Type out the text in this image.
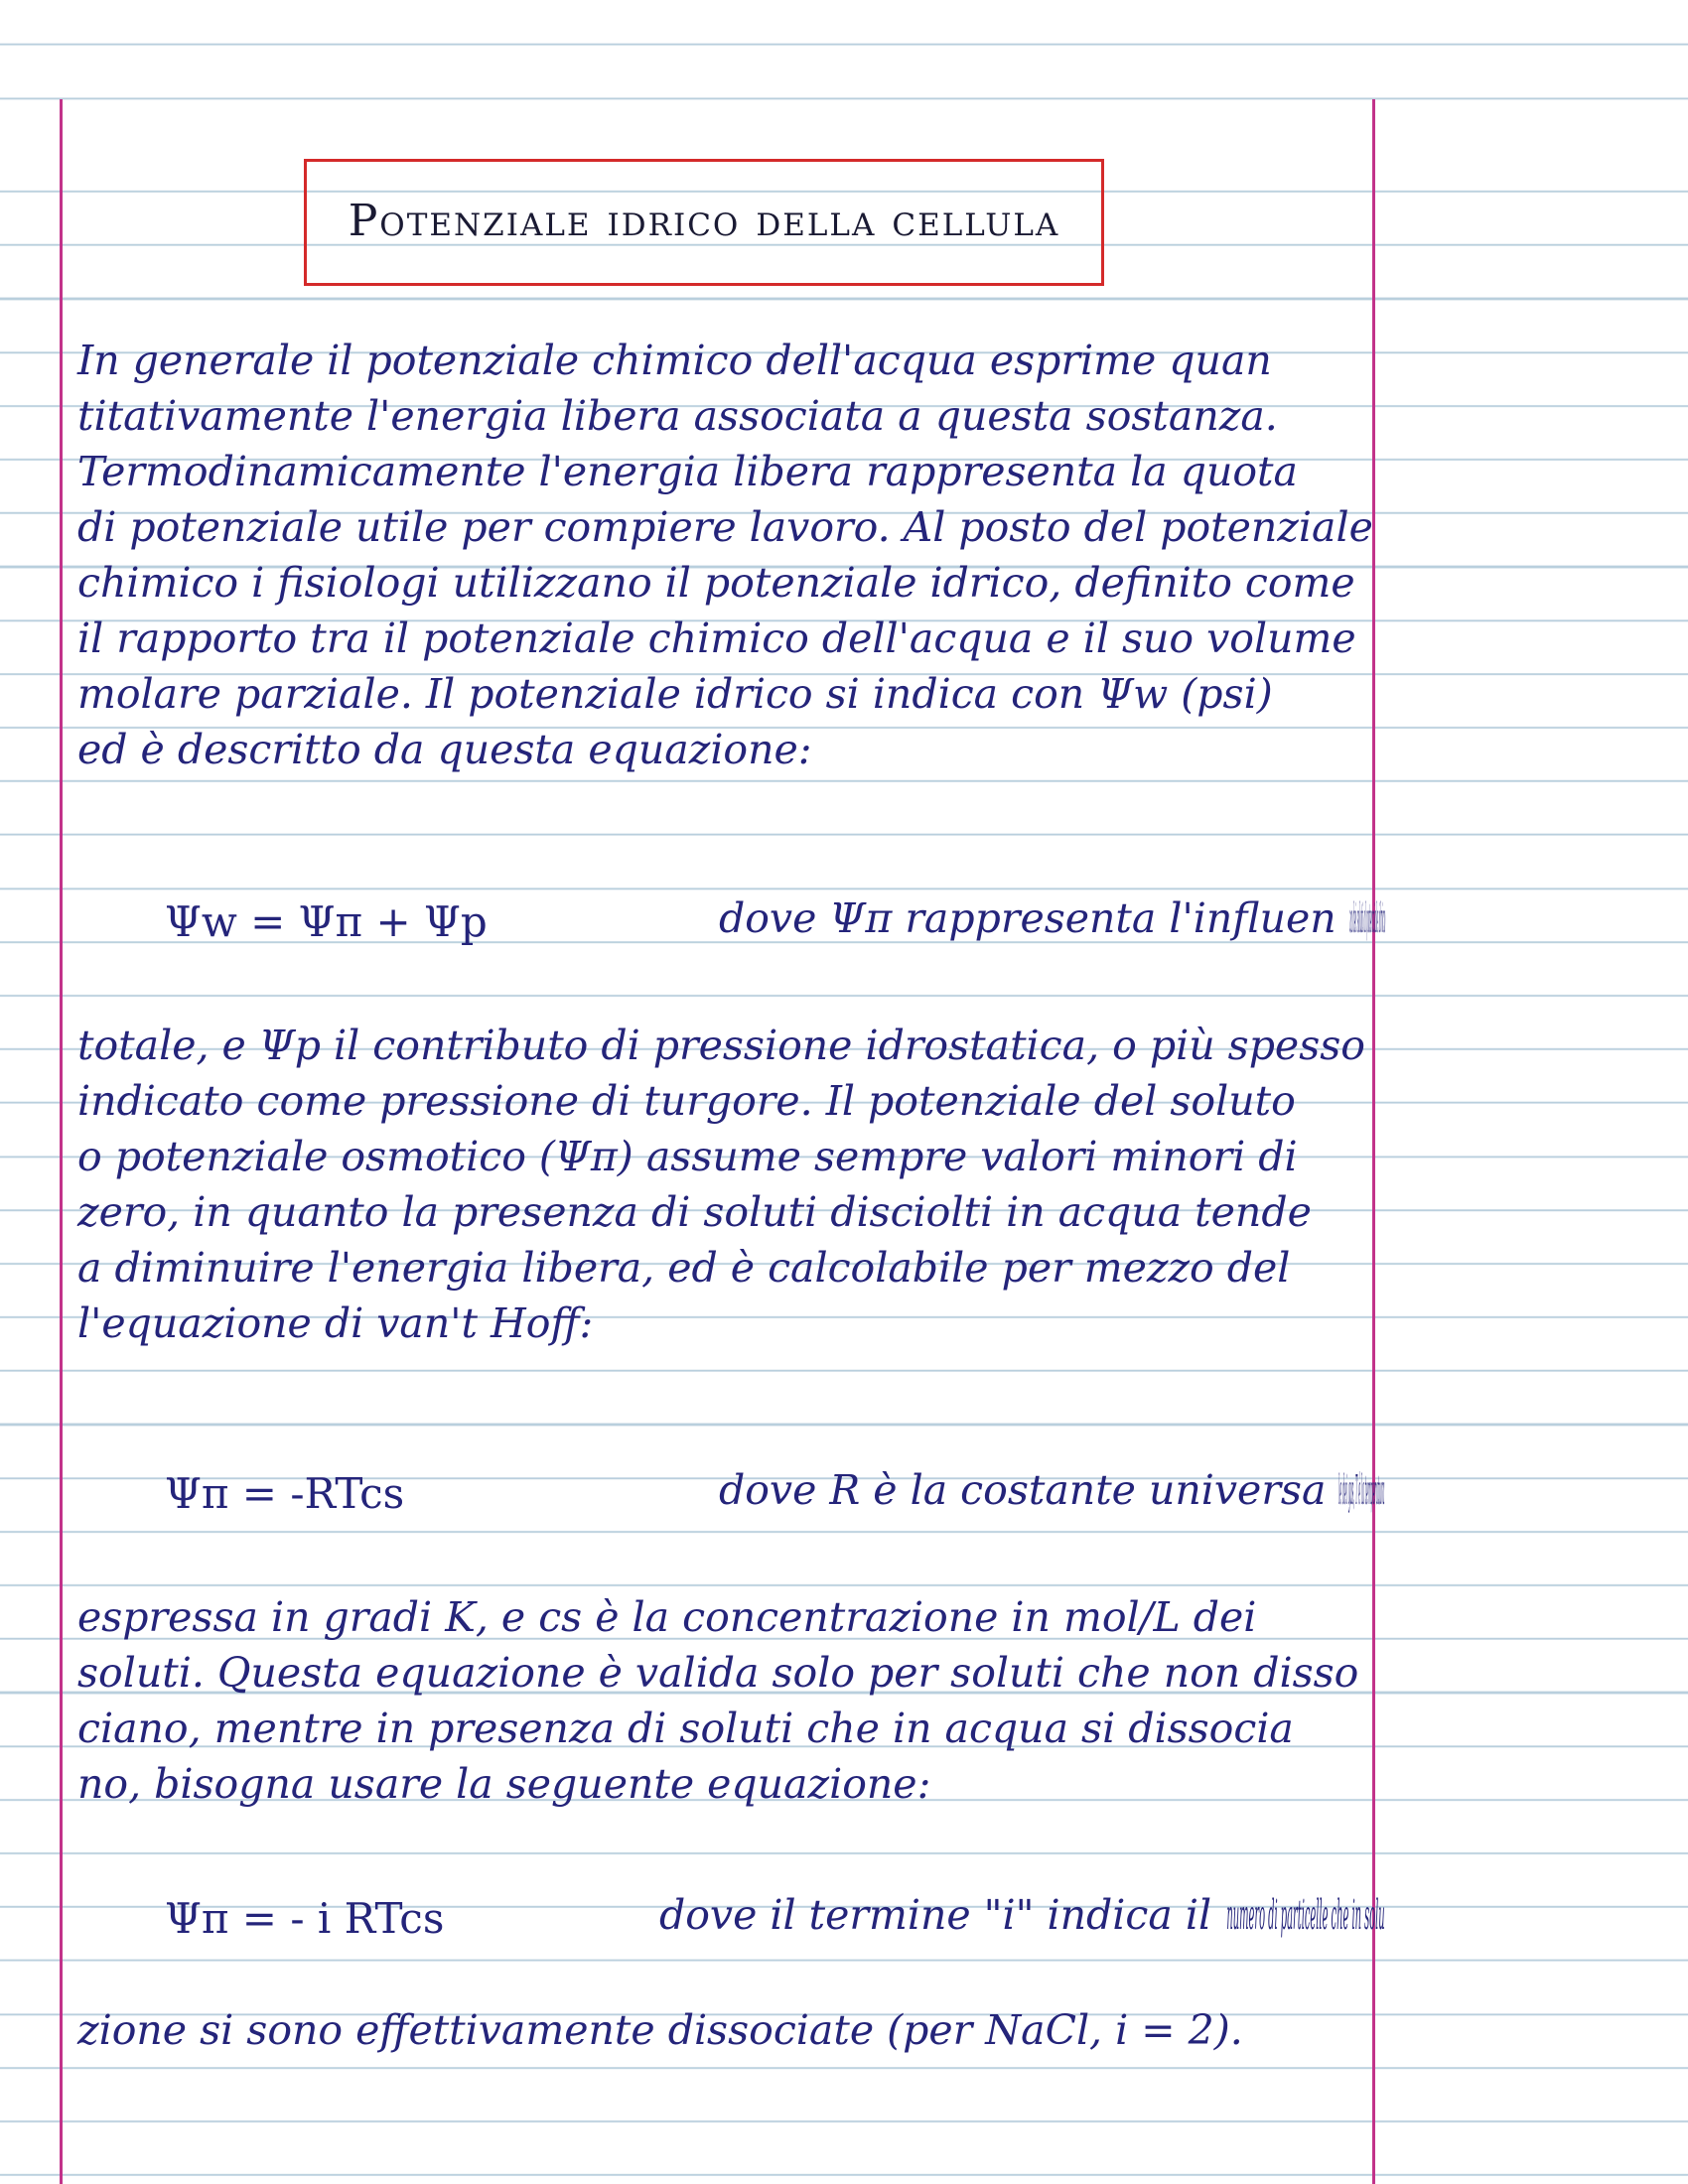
Potenziale idrico della cellula
In generale il potenziale chimico dell'acqua esprime quan
titativamente l'energia libera associata a questa sostanza.
Termodinamicamente l'energia libera rappresenta la quota
di potenziale utile per compiere lavoro. Al posto del potenziale
chimico i fisiologi utilizzano il potenziale idrico, definito come
il rapporto tra il potenziale chimico dell'acqua e il suo volume
molare parziale. Il potenziale idrico si indica con Ψw (psi)
ed è descritto da questa equazione:
Ψw = Ψπ + Ψp	dove Ψπ rappresenta l'influen za dei soluti al potenziale idrico
totale, e Ψp il contributo di pressione idrostatica, o più spesso
indicato come pressione di turgore. Il potenziale del soluto
o potenziale osmotico (Ψπ) assume sempre valori minori di
zero, in quanto la presenza di soluti disciolti in acqua tende
a diminuire l'energia libera, ed è calcolabile per mezzo del
l'equazione di van't Hoff:
Ψπ = -RTcs	dove R è la costante universa le dei gas, T è la temperatura
espressa in gradi K, e cs è la concentrazione in mol/L dei
soluti. Questa equazione è valida solo per soluti che non disso
ciano, mentre in presenza di soluti che in acqua si dissocia
no, bisogna usare la seguente equazione:
Ψπ = - i RTcs	dove il termine "i" indica il numero di particelle che in solu
zione si sono effettivamente dissociate (per NaCl, i = 2).
